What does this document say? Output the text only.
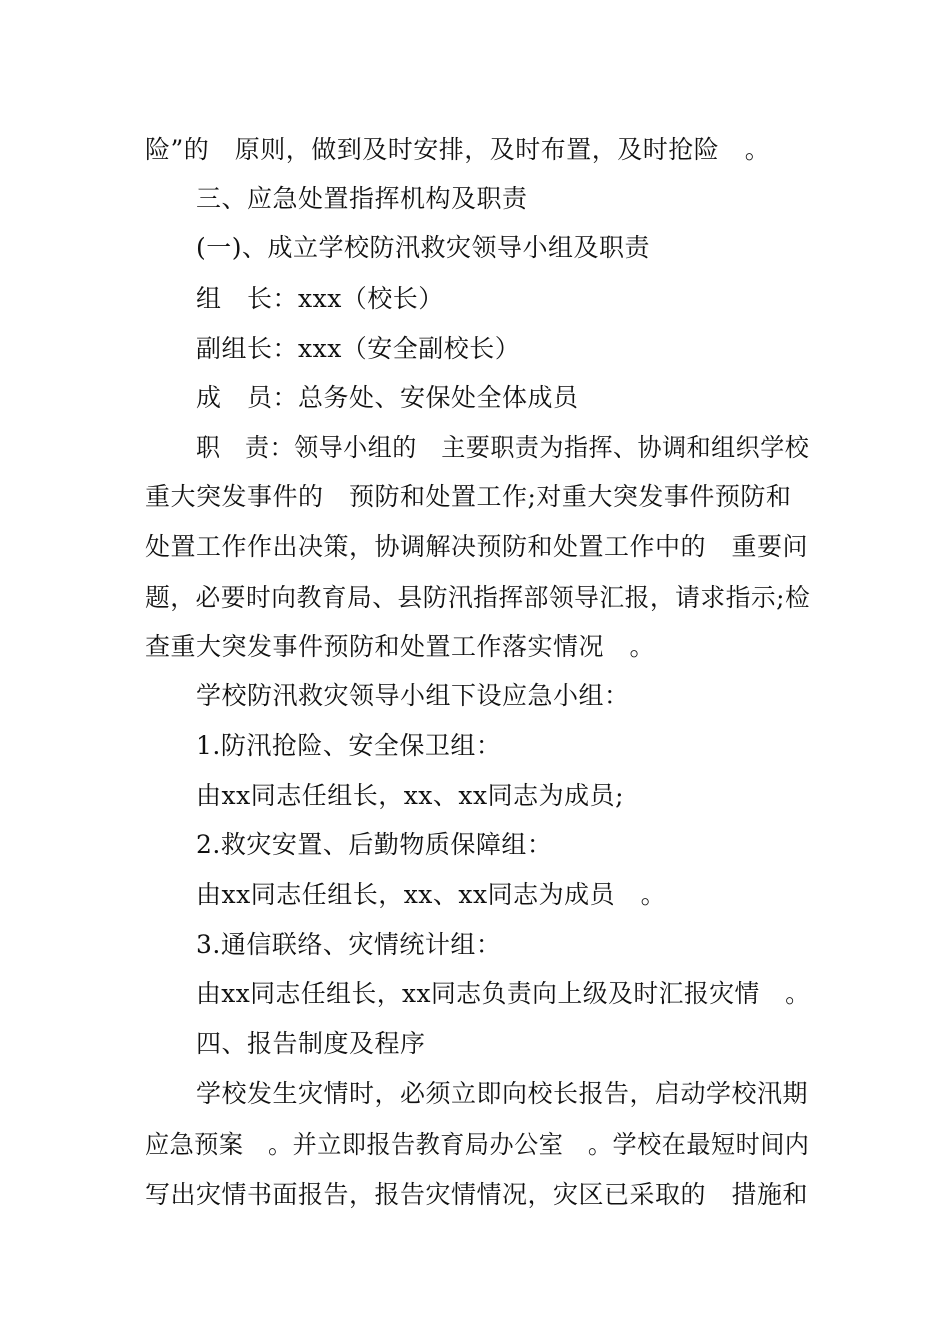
险”的　原则，做到及时安排，及时布置，及时抢险　。
三、应急处置指挥机构及职责
(一)、成立学校防汛救灾领导小组及职责
组　长：xxx（校长）
副组长：xxx（安全副校长）
成　员：总务处、安保处全体成员
职　责：领导小组的　主要职责为指挥、协调和组织学校
重大突发事件的　预防和处置工作;对重大突发事件预防和
处置工作作出决策，协调解决预防和处置工作中的　重要问
题，必要时向教育局、县防汛指挥部领导汇报，请求指示;检
查重大突发事件预防和处置工作落实情况　。
学校防汛救灾领导小组下设应急小组：
1.防汛抢险、安全保卫组：
由xx同志任组长，xx、xx同志为成员;
2.救灾安置、后勤物质保障组：
由xx同志任组长，xx、xx同志为成员　。
3.通信联络、灾情统计组：
由xx同志任组长，xx同志负责向上级及时汇报灾情　。
四、报告制度及程序
学校发生灾情时，必须立即向校长报告，启动学校汛期
应急预案　。并立即报告教育局办公室　。学校在最短时间内
写出灾情书面报告，报告灾情情况，灾区已采取的　措施和
